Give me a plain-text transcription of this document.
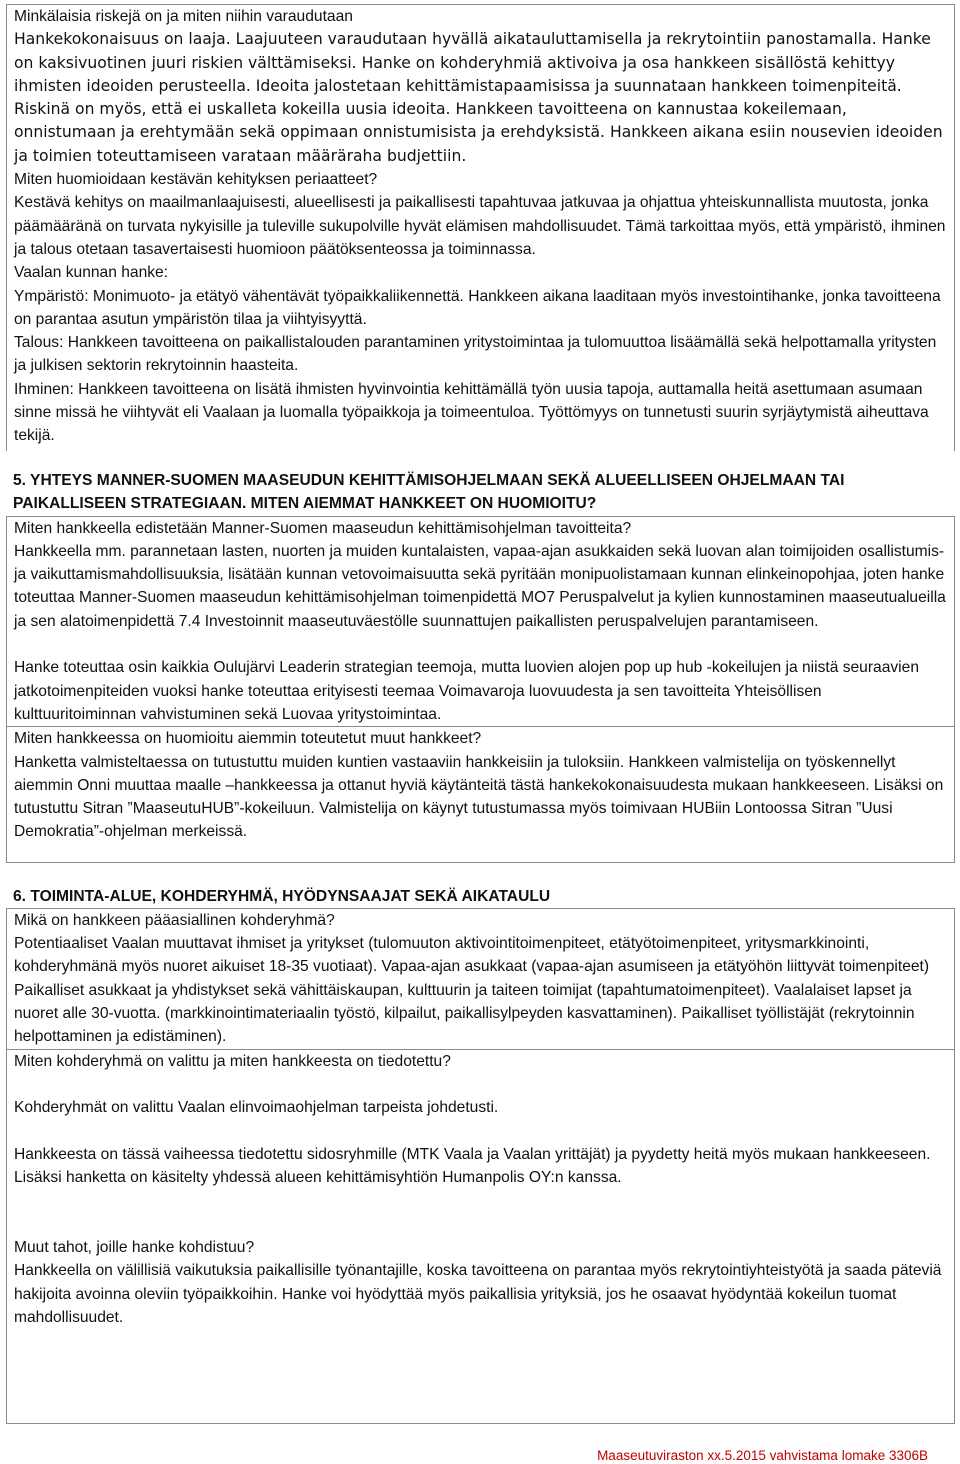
Minkälaisia riskejä on ja miten niihin varaudutaan

Hankekokonaisuus on laaja. Laajuuteen varaudutaan hyvällä aikatauluttamisella ja rekrytointiin panostamalla. Hanke on kaksivuotinen juuri riskien välttämiseksi. Hanke on kohderyhmiä aktivoiva ja osa hankkeen sisällöstä kehittyy ihmisten ideoiden perusteella. Ideoita jalostetaan kehittämistapaamisissa ja suunnataan hankkeen toimenpiteitä. Riskinä on myös, että ei uskalleta kokeilla uusia ideoita. Hankkeen tavoitteena on kannustaa kokeilemaan, onnistumaan ja erehtymään sekä oppimaan onnistumisista ja erehdyksistä. Hankkeen aikana esiin nousevien ideoiden ja toimien toteuttamiseen varataan määräraha budjettiin.

Miten huomioidaan kestävän kehityksen periaatteet?

Kestävä kehitys on maailmanlaajuisesti, alueellisesti ja paikallisesti tapahtuvaa jatkuvaa ja ohjattua yhteiskunnallista muutosta, jonka päämääränä on turvata nykyisille ja tuleville sukupolville hyvät elämisen mahdollisuudet. Tämä tarkoittaa myös, että ympäristö, ihminen ja talous otetaan tasavertaisesti huomioon päätöksenteossa ja toiminnassa.

Vaalan kunnan hanke:

Ympäristö: Monimuoto- ja etätyö vähentävät työpaikkaliikennettä. Hankkeen aikana laaditaan myös investointihanke, jonka tavoitteena on parantaa asutun ympäristön tilaa ja viihtyisyyttä.

Talous: Hankkeen tavoitteena on paikallistalouden parantaminen yritystoimintaa ja tulomuuttoa lisäämällä sekä helpottamalla yritysten ja julkisen sektorin rekrytoinnin haasteita.

Ihminen: Hankkeen tavoitteena on lisätä ihmisten hyvinvointia kehittämällä työn uusia tapoja, auttamalla heitä asettumaan asumaan sinne missä he viihtyvät eli Vaalaan ja luomalla työpaikkoja ja toimeentuloa. Työttömyys on tunnetusti suurin syrjäytymistä aiheuttava tekijä.

5. YHTEYS MANNER-SUOMEN MAASEUDUN KEHITTÄMISOHJELMAAN SEKÄ ALUEELLISEEN OHJELMAAN TAI PAIKALLISEEN STRATEGIAAN. MITEN AIEMMAT HANKKEET ON HUOMIOITU?

Miten hankkeella edistetään Manner-Suomen maaseudun kehittämisohjelman tavoitteita?

Hankkeella mm. parannetaan lasten, nuorten ja muiden kuntalaisten, vapaa-ajan asukkaiden sekä luovan alan toimijoiden osallistumis- ja vaikuttamismahdollisuuksia, lisätään kunnan vetovoimaisuutta sekä pyritään monipuolistamaan kunnan elinkeinopohjaa, joten hanke toteuttaa Manner-Suomen maaseudun kehittämisohjelman toimenpidettä MO7 Peruspalvelut ja kylien kunnostaminen maaseutualueilla ja sen alatoimenpidettä 7.4 Investoinnit maaseutuväestölle suunnattujen paikallisten peruspalvelujen parantamiseen.

Hanke toteuttaa osin kaikkia Oulujärvi Leaderin strategian teemoja, mutta luovien alojen pop up hub -kokeilujen ja niistä seuraavien jatkotoimenpiteiden vuoksi hanke toteuttaa erityisesti teemaa Voimavaroja luovuudesta ja sen tavoitteita Yhteisöllisen kulttuuritoiminnan vahvistuminen sekä Luovaa yritystoimintaa.

Miten hankkeessa on huomioitu aiemmin toteutetut muut hankkeet?

Hanketta valmisteltaessa on tutustuttu muiden kuntien vastaaviin hankkeisiin ja tuloksiin. Hankkeen valmistelija on työskennellyt aiemmin Onni muuttaa maalle –hankkeessa ja ottanut hyviä käytänteitä tästä hankekokonaisuudesta mukaan hankkeeseen. Lisäksi on tutustuttu Sitran ”MaaseutuHUB”-kokeiluun. Valmistelija on käynyt tutustumassa myös toimivaan HUBiin Lontoossa Sitran ”Uusi Demokratia”-ohjelman merkeissä.

6. TOIMINTA-ALUE, KOHDERYHMÄ, HYÖDYNSAAJAT SEKÄ AIKATAULU

Mikä on hankkeen pääasiallinen kohderyhmä?

Potentiaaliset Vaalan muuttavat ihmiset ja yritykset (tulomuuton aktivointitoimenpiteet, etätyötoimenpiteet, yritysmarkkinointi, kohderyhmänä myös nuoret aikuiset 18-35 vuotiaat). Vapaa-ajan asukkaat (vapaa-ajan asumiseen ja etätyöhön liittyvät toimenpiteet) Paikalliset asukkaat ja yhdistykset sekä vähittäiskaupan, kulttuurin ja taiteen toimijat (tapahtumatoimenpiteet). Vaalalaiset lapset ja nuoret alle 30-vuotta. (markkinointimateriaalin työstö, kilpailut, paikallisylpeyden kasvattaminen). Paikalliset työllistäjät (rekrytoinnin helpottaminen ja edistäminen).

Miten kohderyhmä on valittu ja miten hankkeesta on tiedotettu?

Kohderyhmät on valittu Vaalan elinvoimaohjelman tarpeista johdetusti.

Hankkeesta on tässä vaiheessa tiedotettu sidosryhmille (MTK Vaala ja Vaalan yrittäjät) ja pyydetty heitä myös mukaan hankkeeseen. Lisäksi hanketta on käsitelty yhdessä alueen kehittämisyhtiön Humanpolis OY:n kanssa.

Muut tahot, joille hanke kohdistuu?

Hankkeella on välillisiä vaikutuksia paikallisille työnantajille, koska tavoitteena on parantaa myös rekrytointiyhteistyötä ja saada päteviä hakijoita avoinna oleviin työpaikkoihin. Hanke voi hyödyttää myös paikallisia yrityksiä, jos he osaavat hyödyntää kokeilun tuomat mahdollisuudet.

Maaseutuviraston xx.5.2015 vahvistama lomake 3306B
